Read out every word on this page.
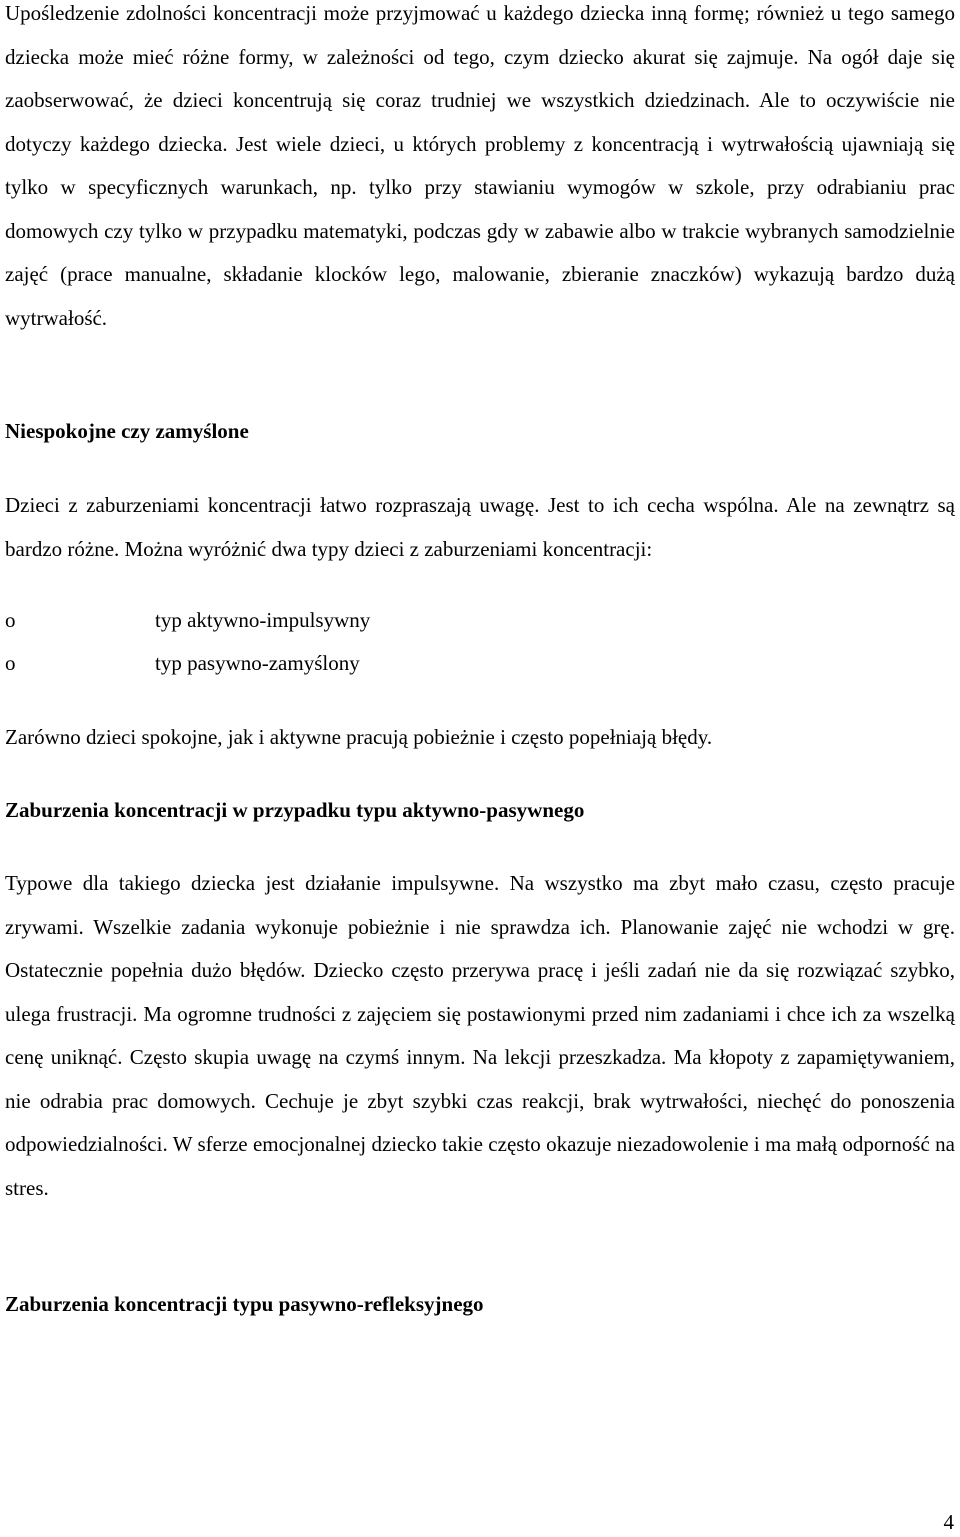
Upośledzenie zdolności koncentracji może przyjmować u każdego dziecka inną formę; również u tego samego dziecka może mieć różne formy, w zależności od tego, czym dziecko akurat się zajmuje. Na ogół daje się zaobserwować, że dzieci koncentrują się coraz trudniej we wszystkich dziedzinach. Ale to oczywiście nie dotyczy każdego dziecka. Jest wiele dzieci, u których problemy z koncentracją i wytrwałością ujawniają się tylko w specyficznych warunkach, np. tylko przy stawianiu wymogów w szkole, przy odrabianiu prac domowych czy tylko w przypadku matematyki, podczas gdy w zabawie albo w trakcie wybranych samodzielnie zajęć (prace manualne, składanie klocków lego, malowanie, zbieranie znaczków) wykazują bardzo dużą wytrwałość.

Niespokojne czy zamyślone

Dzieci z zaburzeniami koncentracji łatwo rozpraszają uwagę. Jest to ich cecha wspólna. Ale na zewnątrz są bardzo różne. Można wyróżnić dwa typy dzieci z zaburzeniami koncentracji:

o	typ aktywno-impulsywny
o	typ pasywno-zamyślony

Zarówno dzieci spokojne, jak i aktywne pracują pobieżnie i często popełniają błędy.

Zaburzenia koncentracji w przypadku typu aktywno-pasywnego

Typowe dla takiego dziecka jest działanie impulsywne. Na wszystko ma zbyt mało czasu, często pracuje zrywami. Wszelkie zadania wykonuje pobieżnie i nie sprawdza ich. Planowanie zajęć nie wchodzi w grę. Ostatecznie popełnia dużo błędów. Dziecko często przerywa pracę i jeśli zadań nie da się rozwiązać szybko, ulega frustracji. Ma ogromne trudności z zajęciem się postawionymi przed nim zadaniami i chce ich za wszelką cenę uniknąć. Często skupia uwagę na czymś innym. Na lekcji przeszkadza. Ma kłopoty z zapamiętywaniem, nie odrabia prac domowych. Cechuje je zbyt szybki czas reakcji, brak wytrwałości, niechęć do ponoszenia odpowiedzialności. W sferze emocjonalnej dziecko takie często okazuje niezadowolenie i ma małą odporność na stres.

Zaburzenia koncentracji typu pasywno-refleksyjnego
4
